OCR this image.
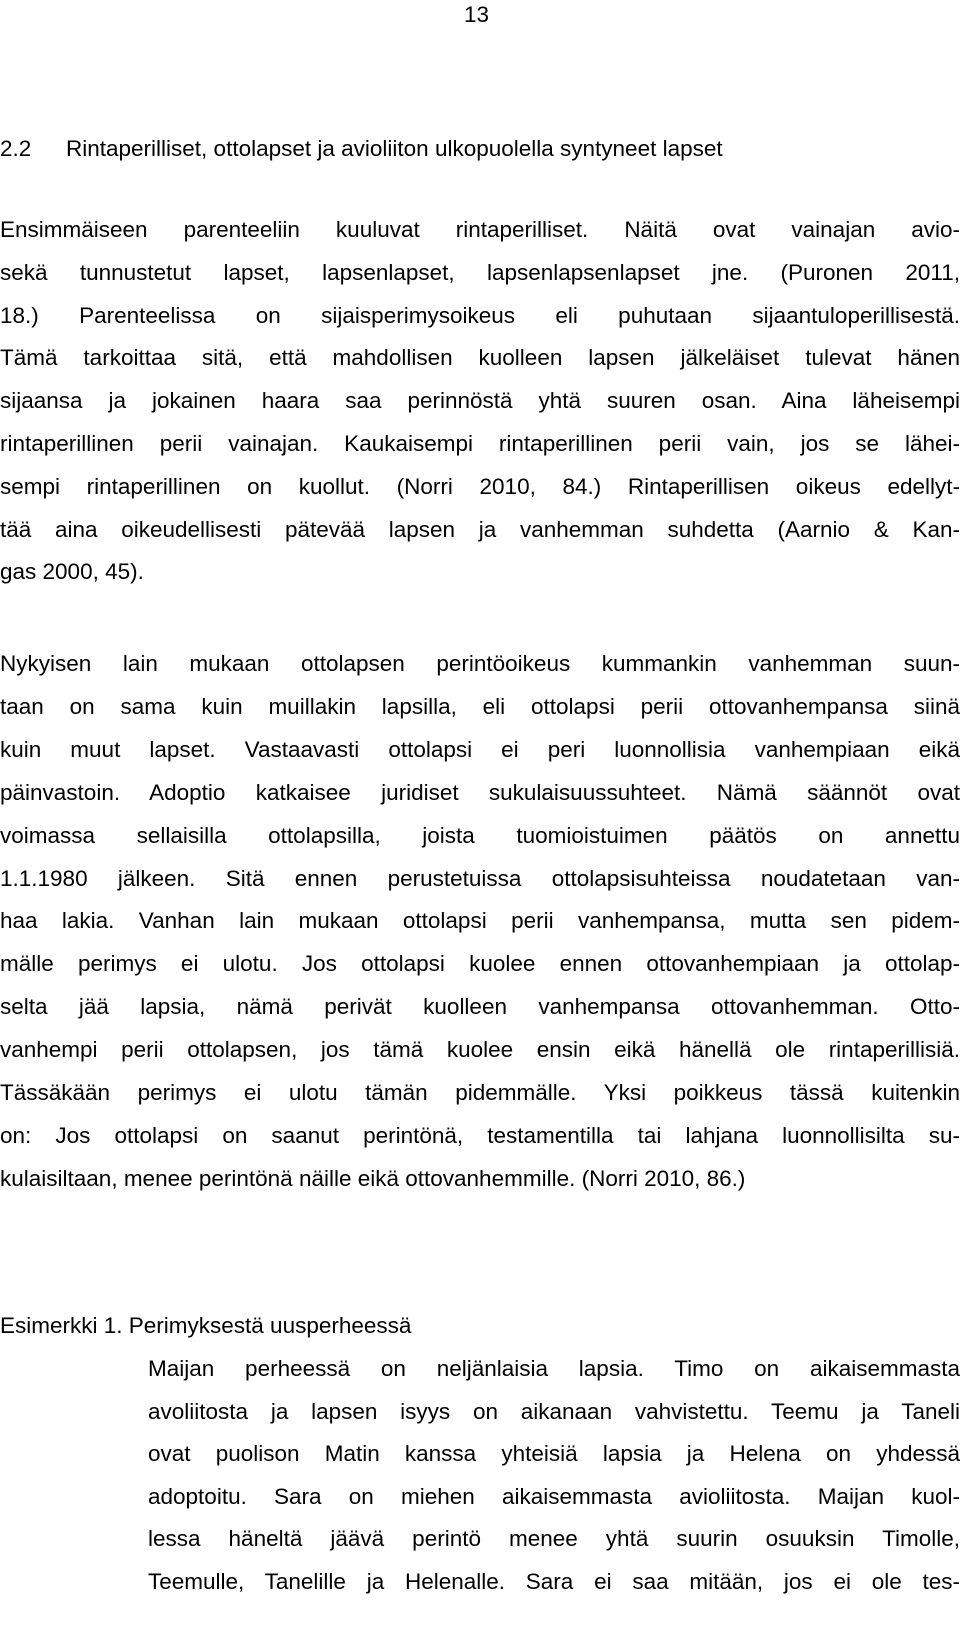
13
2.2 Rintaperilliset, ottolapset ja avioliiton ulkopuolella syntyneet lapset
Ensimmäiseen parenteeliin kuuluvat rintaperilliset. Näitä ovat vainajan avio-
sekä tunnustetut lapset, lapsenlapset, lapsenlapsenlapset jne. (Puronen 2011,
18.) Parenteelissa on sijaisperimysoikeus eli puhutaan sijaantuloperillisestä.
Tämä tarkoittaa sitä, että mahdollisen kuolleen lapsen jälkeläiset tulevat hänen
sijaansa ja jokainen haara saa perinnöstä yhtä suuren osan. Aina läheisempi
rintaperillinen perii vainajan. Kaukaisempi rintaperillinen perii vain, jos se lähei-
sempi rintaperillinen on kuollut. (Norri 2010, 84.) Rintaperillisen oikeus edellyt-
tää aina oikeudellisesti pätevää lapsen ja vanhemman suhdetta (Aarnio & Kan-
gas 2000, 45).
Nykyisen lain mukaan ottolapsen perintöoikeus kummankin vanhemman suun-
taan on sama kuin muillakin lapsilla, eli ottolapsi perii ottovanhempansa siinä
kuin muut lapset. Vastaavasti ottolapsi ei peri luonnollisia vanhempiaan eikä
päinvastoin. Adoptio katkaisee juridiset sukulaisuussuhteet. Nämä säännöt ovat
voimassa sellaisilla ottolapsilla, joista tuomioistuimen päätös on annettu
1.1.1980 jälkeen. Sitä ennen perustetuissa ottolapsisuhteissa noudatetaan van-
haa lakia. Vanhan lain mukaan ottolapsi perii vanhempansa, mutta sen pidem-
mälle perimys ei ulotu. Jos ottolapsi kuolee ennen ottovanhempiaan ja ottolap-
selta jää lapsia, nämä perivät kuolleen vanhempansa ottovanhemman. Otto-
vanhempi perii ottolapsen, jos tämä kuolee ensin eikä hänellä ole rintaperillisiä.
Tässäkään perimys ei ulotu tämän pidemmälle. Yksi poikkeus tässä kuitenkin
on: Jos ottolapsi on saanut perintönä, testamentilla tai lahjana luonnollisilta su-
kulaisiltaan, menee perintönä näille eikä ottovanhemmille. (Norri 2010, 86.)
Esimerkki 1. Perimyksestä uusperheessä
Maijan perheessä on neljänlaisia lapsia. Timo on aikaisemmasta
avoliitosta ja lapsen isyys on aikanaan vahvistettu. Teemu ja Taneli
ovat puolison Matin kanssa yhteisiä lapsia ja Helena on yhdessä
adoptoitu. Sara on miehen aikaisemmasta avioliitosta. Maijan kuol-
lessa häneltä jäävä perintö menee yhtä suurin osuuksin Timolle,
Teemulle, Tanelille ja Helenalle. Sara ei saa mitään, jos ei ole tes-
